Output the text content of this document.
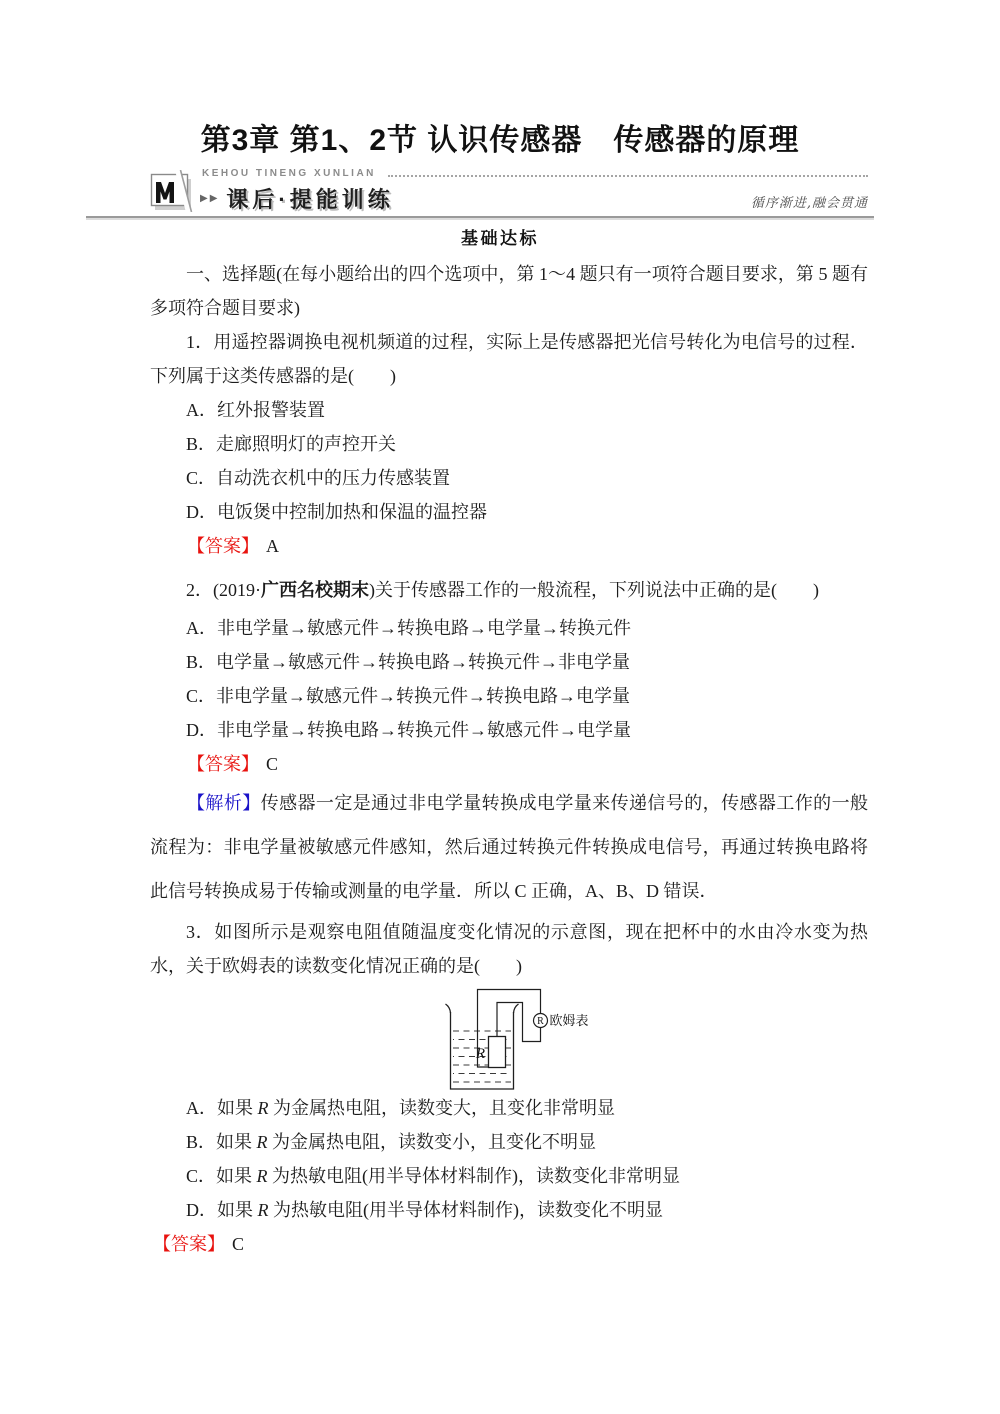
第3章 第1、2节 认识传感器　传感器的原理
KEHOU TINENG XUNLIAN
▶▶ 课后·提能训练	循序渐进,融会贯通
基础达标

一、选择题(在每小题给出的四个选项中，第 1～4 题只有一项符合题目要求，第 5 题有多项符合题目要求)

1．用遥控器调换电视机频道的过程，实际上是传感器把光信号转化为电信号的过程．下列属于这类传感器的是(　　)

A．红外报警装置
B．走廊照明灯的声控开关
C．自动洗衣机中的压力传感装置
D．电饭煲中控制加热和保温的温控器

【答案】 A

2．(2019·广西名校期末)关于传感器工作的一般流程，下列说法中正确的是(　　)

A．非电学量→敏感元件→转换电路→电学量→转换元件
B．电学量→敏感元件→转换电路→转换元件→非电学量
C．非电学量→敏感元件→转换元件→转换电路→电学量
D．非电学量→转换电路→转换元件→敏感元件→电学量

【答案】 C

【解析】传感器一定是通过非电学量转换成电学量来传递信号的，传感器工作的一般流程为：非电学量被敏感元件感知，然后通过转换元件转换成电信号，再通过转换电路将此信号转换成易于传输或测量的电学量．所以 C 正确，A、B、D 错误．

3．如图所示是观察电阻值随温度变化情况的示意图，现在把杯中的水由冷水变为热水，关于欧姆表的读数变化情况正确的是(　　)

R
R 欧姆表
A．如果 R 为金属热电阻，读数变大，且变化非常明显
B．如果 R 为金属热电阻，读数变小，且变化不明显
C．如果 R 为热敏电阻(用半导体材料制作)，读数变化非常明显
D．如果 R 为热敏电阻(用半导体材料制作)，读数变化不明显

【答案】 C
